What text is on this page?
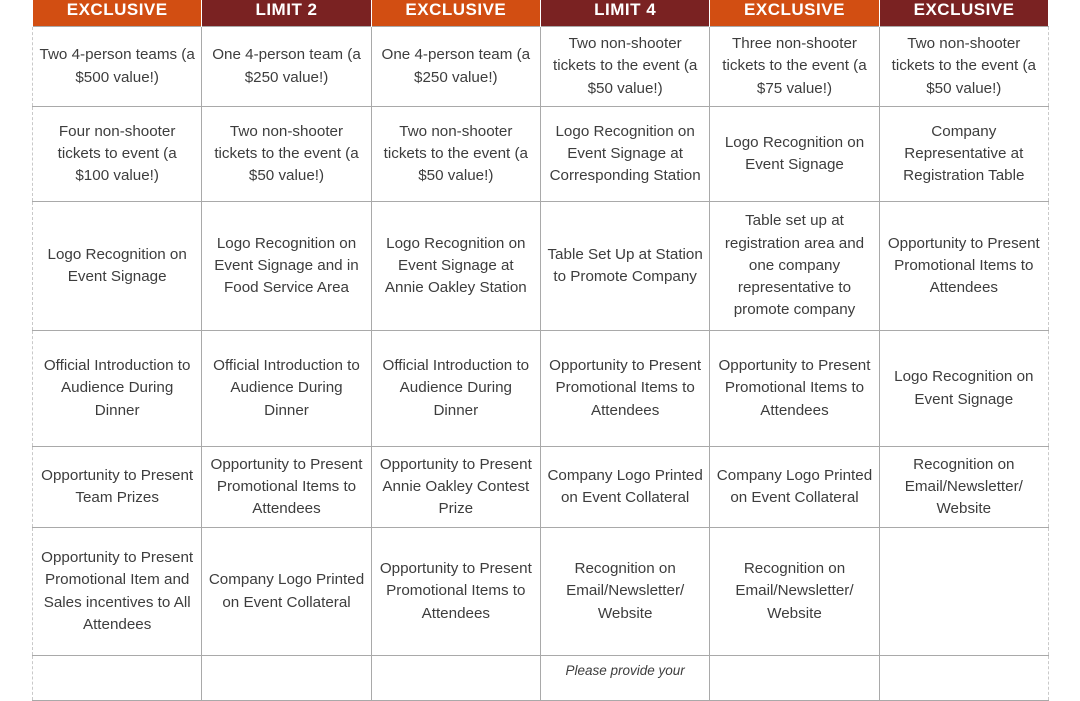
EXCLUSIVE	LIMIT 2	EXCLUSIVE	LIMIT 4	EXCLUSIVE	EXCLUSIVE
Two 4-person teams (a $500 value!)	One 4-person team (a $250 value!)	One 4-person team (a $250 value!)	Two non-shooter tickets to the event (a $50 value!)	Three non-shooter tickets to the event (a $75 value!)	Two non-shooter tickets to the event (a $50 value!)
Four non-shooter tickets to event (a $100 value!)	Two non-shooter tickets to the event (a $50 value!)	Two non-shooter tickets to the event (a $50 value!)	Logo Recognition on Event Signage at Corresponding Station	Logo Recognition on Event Signage	Company Representative at Registration Table
Logo Recognition on Event Signage	Logo Recognition on Event Signage and in Food Service Area	Logo Recognition on Event Signage at Annie Oakley Station	Table Set Up at Station to Promote Company	Table set up at registration area and one company representative to promote company	Opportunity to Present Promotional Items to Attendees
Official Introduction to Audience During Dinner	Official Introduction to Audience During Dinner	Official Introduction to Audience During Dinner	Opportunity to Present Promotional Items to Attendees	Opportunity to Present Promotional Items to Attendees	Logo Recognition on Event Signage
Opportunity to Present Team Prizes	Opportunity to Present Promotional Items to Attendees	Opportunity to Present Annie Oakley Contest Prize	Company Logo Printed on Event Collateral	Company Logo Printed on Event Collateral	Recognition on Email/Newsletter/ Website
Opportunity to Present Promotional Item and Sales incentives to All Attendees	Company Logo Printed on Event Collateral	Opportunity to Present Promotional Items to Attendees	Recognition on Email/Newsletter/ Website	Recognition on Email/Newsletter/ Website	
			Please provide your		
